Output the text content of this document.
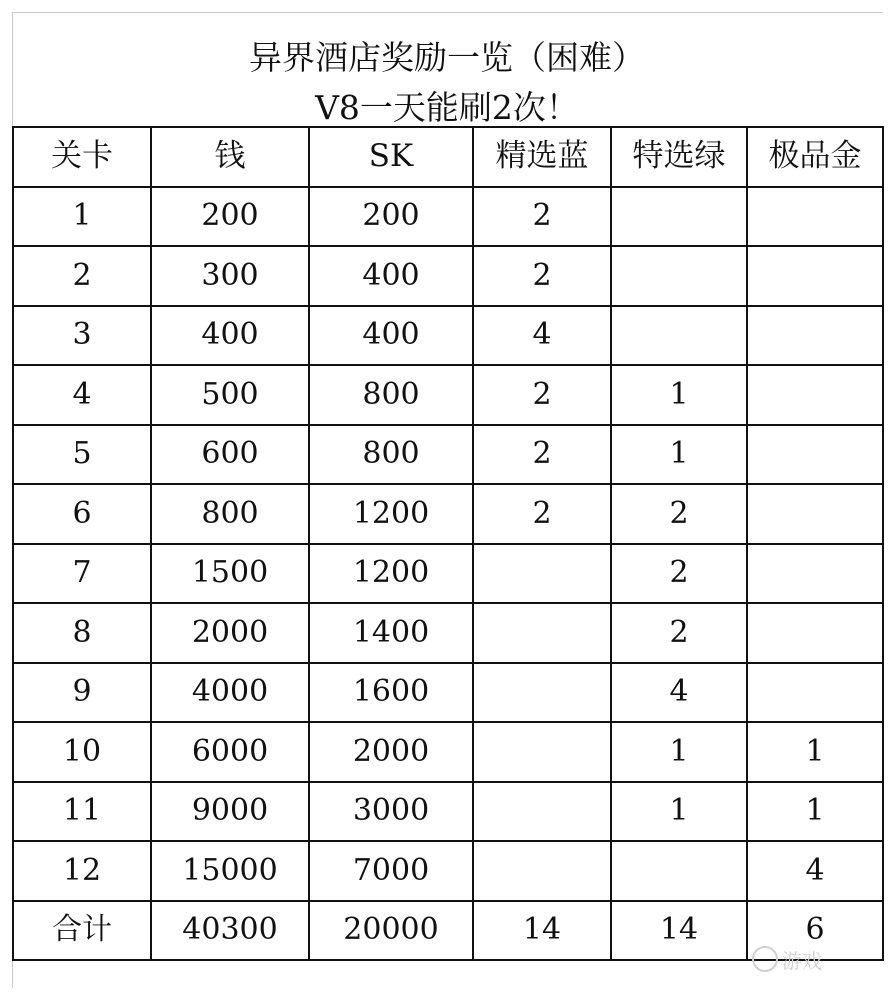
异界酒店奖励一览（困难）
V8一天能刷2次！
关卡	钱	SK	精选蓝	特选绿	极品金
1	200	200	2		
2	300	400	2		
3	400	400	4		
4	500	800	2	1	
5	600	800	2	1	
6	800	1200	2	2	
7	1500	1200		2	
8	2000	1400		2	
9	4000	1600		4	
10	6000	2000		1	1
11	9000	3000		1	1
12	15000	7000			4
合计	40300	20000	14	14	6
游戏
